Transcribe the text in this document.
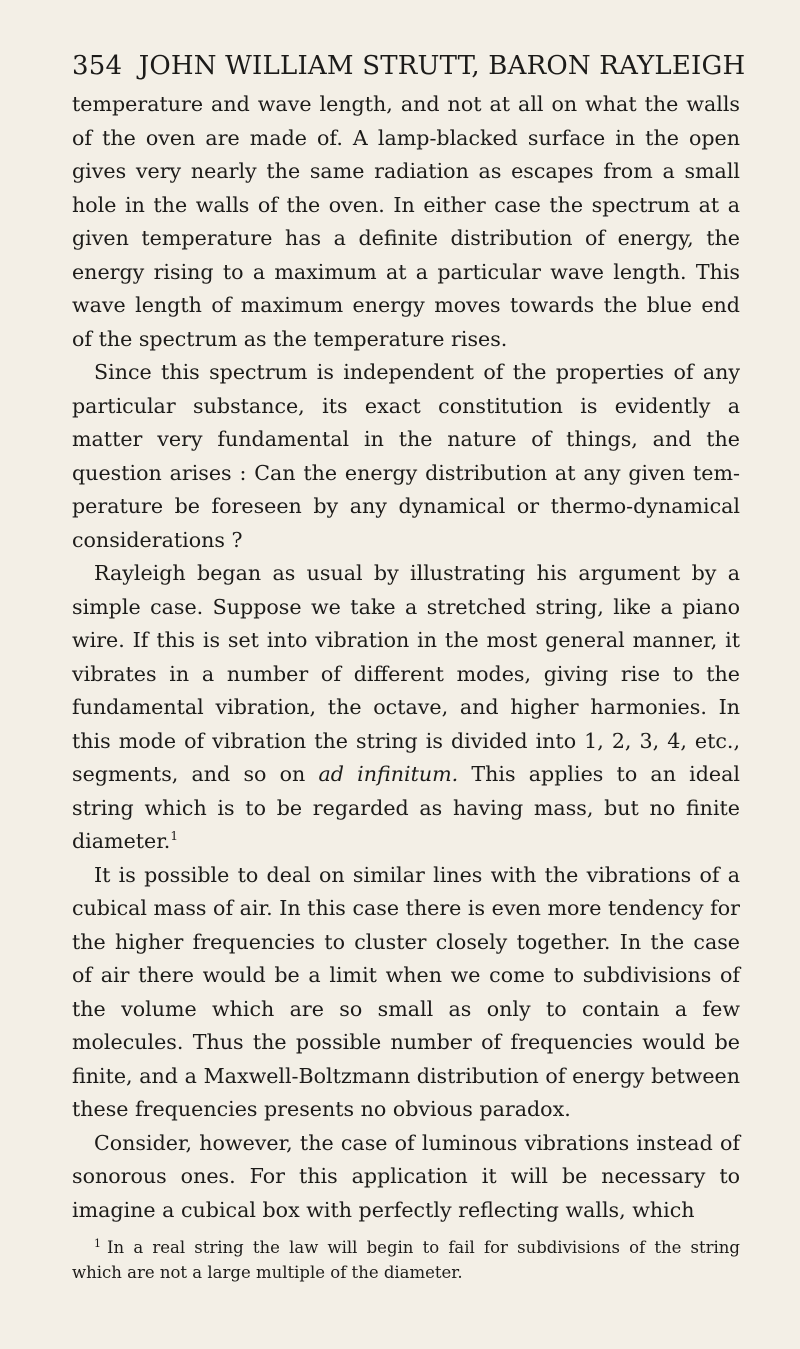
354 JOHN WILLIAM STRUTT, BARON RAYLEIGH

temperature and wave length, and not at all on what the walls of the oven are made of. A lamp-blacked surface in the open gives very nearly the same radiation as escapes from a small hole in the walls of the oven. In either case the spectrum at a given temperature has a definite distribution of energy, the energy rising to a maximum at a particular wave length. This wave length of maximum energy moves towards the blue end of the spectrum as the temperature rises.

Since this spectrum is independent of the properties of any particular substance, its exact constitution is evidently a matter very fundamental in the nature of things, and the question arises : Can the energy distribution at any given temperature be foreseen by any dynamical or thermo-dynamical considerations ?

Rayleigh began as usual by illustrating his argument by a simple case. Suppose we take a stretched string, like a piano wire. If this is set into vibration in the most general manner, it vibrates in a number of different modes, giving rise to the fundamental vibration, the octave, and higher harmonies. In this mode of vibration the string is divided into 1, 2, 3, 4, etc., segments, and so on ad infinitum. This applies to an ideal string which is to be regarded as having mass, but no finite diameter.$^1$

It is possible to deal on similar lines with the vibrations of a cubical mass of air. In this case there is even more tendency for the higher frequencies to cluster closely together. In the case of air there would be a limit when we come to subdivisions of the volume which are so small as only to contain a few molecules. Thus the possible number of frequencies would be finite, and a Maxwell-Boltzmann distribution of energy between these frequencies presents no obvious paradox.

Consider, however, the case of luminous vibrations instead of sonorous ones. For this application it will be necessary to imagine a cubical box with perfectly reflecting walls, which

$^1$ In a real string the law will begin to fail for subdivisions of the string which are not a large multiple of the diameter.
